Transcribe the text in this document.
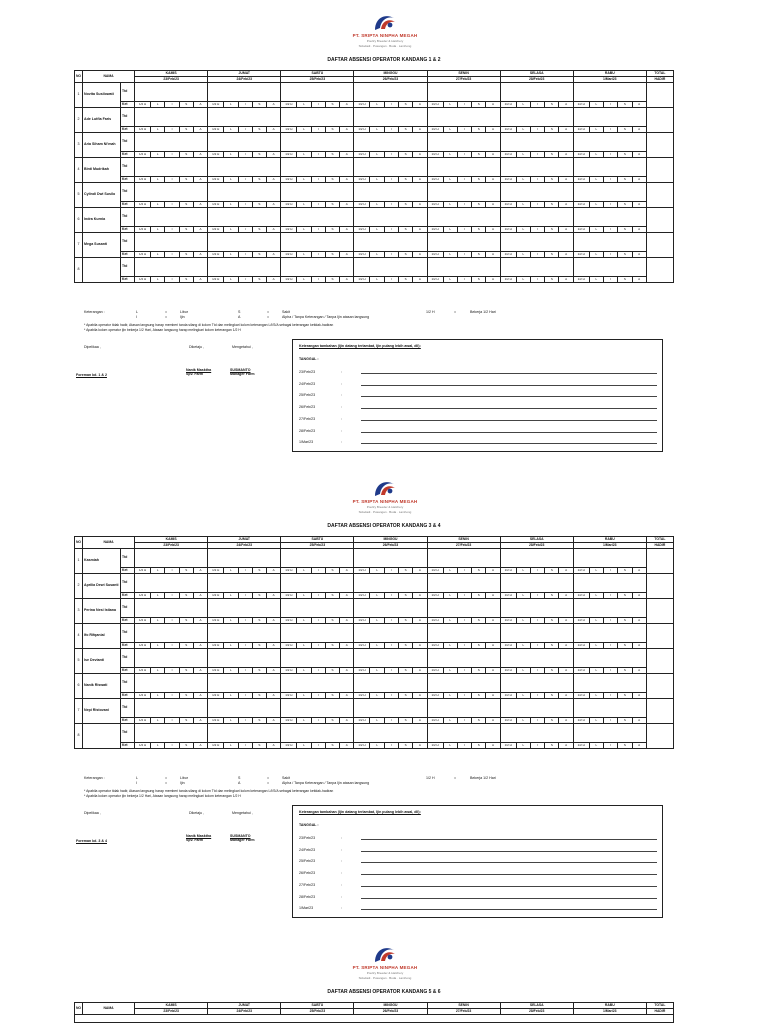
PT. SRIPTA NINPHA MEGAH
Poultry Breeder & Hatchery
Sidodadi · Pusangan · Buda · Lamhong
DAFTAR ABSENSI OPERATOR KANDANG 1 & 2
NO	NAMA		KAMIS					JUMAT					SABTU					MINGGU					SENIN					SELASA					RABU					TOTAL
			23/Feb/23					24/Feb/23					25/Feb/23					26/Feb/23					27/Feb/23					28/Feb/23					1/Mar/23					HADIR
1	Novita Susilowati	Ttd																																				
		Ket	1/2 H	L	I	S	A	1/2 H	L	I	S	A	1/2 H	L	I	S	A	1/2 H	L	I	S	A	1/2 H	L	I	S	A	1/2 H	L	I	S	A	1/2 H	L	I	S	A	
2	Ade Lutfia Faris	Ttd																																				
		Ket	1/2 H	L	I	S	A	1/2 H	L	I	S	A	1/2 H	L	I	S	A	1/2 H	L	I	S	A	1/2 H	L	I	S	A	1/2 H	L	I	S	A	1/2 H	L	I	S	A	
3	Aria Siham Ni'mah	Ttd																																				
		Ket	1/2 H	L	I	S	A	1/2 H	L	I	S	A	1/2 H	L	I	S	A	1/2 H	L	I	S	A	1/2 H	L	I	S	A	1/2 H	L	I	S	A	1/2 H	L	I	S	A	
4	Binti Mudrikah	Ttd																																				
		Ket	1/2 H	L	I	S	A	1/2 H	L	I	S	A	1/2 H	L	I	S	A	1/2 H	L	I	S	A	1/2 H	L	I	S	A	1/2 H	L	I	S	A	1/2 H	L	I	S	A	
5	Cylindi Dwi Susilo	Ttd																																				
		Ket	1/2 H	L	I	S	A	1/2 H	L	I	S	A	1/2 H	L	I	S	A	1/2 H	L	I	S	A	1/2 H	L	I	S	A	1/2 H	L	I	S	A	1/2 H	L	I	S	A	
6	Indra Kurnia	Ttd																																				
		Ket	1/2 H	L	I	S	A	1/2 H	L	I	S	A	1/2 H	L	I	S	A	1/2 H	L	I	S	A	1/2 H	L	I	S	A	1/2 H	L	I	S	A	1/2 H	L	I	S	A	
7	Mega Susanti	Ttd																																				
		Ket	1/2 H	L	I	S	A	1/2 H	L	I	S	A	1/2 H	L	I	S	A	1/2 H	L	I	S	A	1/2 H	L	I	S	A	1/2 H	L	I	S	A	1/2 H	L	I	S	A	
8		Ttd																																				
		Ket	1/2 H	L	I	S	A	1/2 H	L	I	S	A	1/2 H	L	I	S	A	1/2 H	L	I	S	A	1/2 H	L	I	S	A	1/2 H	L	I	S	A	1/2 H	L	I	S	A	
Keterangan :	L	=	Libur
I	=	Ijin
S	=	Sakit
A	=	Alpha / Tanpa Keterangan / Tanpa Ijin atasan langsung
1/2 H	=	Bekerja 1/2 Hari
* Apabila operator tidak hadir, Atasan langsung harap memberi tanda silang di kolom Ttd dan melingkari kolom keterangan L/I/S/A sebagai keterangan ketidak-hadiran
* Apabila kolom operator ijin bekerja 1/2 Hari, Atasan langsung harap melingkari kolom keterangan 1/2 H
Dipelikaa ,	Diketaju ,	Mengetahui ,
Nanik Masktha
Spv. Farm
SUSMANTO
Manager Farm
Foreman kd. 1 & 2
Keterangan tambahan (Ijin datang terlambat, Ijin pulang lebih awal, dll):
TANGGAL :
23/Feb/23	:
24/Feb/23	:
25/Feb/23	:
26/Feb/23	:
27/Feb/23	:
28/Feb/23	:
1/Mar/23	:
PT. SRIPTA NINPHA MEGAH
Poultry Breeder & Hatchery
Sidodadi · Pusangan · Buda · Lamhong
DAFTAR ABSENSI OPERATOR KANDANG 3 & 4
NO	NAMA		KAMIS					JUMAT					SABTU					MINGGU					SENIN					SELASA					RABU					TOTAL
			23/Feb/23					24/Feb/23					25/Feb/23					26/Feb/23					27/Feb/23					28/Feb/23					1/Mar/23					HADIR
1	Kasmiah	Ttd																																				
		Ket	1/2 H	L	I	S	A	1/2 H	L	I	S	A	1/2 H	L	I	S	A	1/2 H	L	I	S	A	1/2 H	L	I	S	A	1/2 H	L	I	S	A	1/2 H	L	I	S	A	
2	Aprilia Dewi Susanti	Ttd																																				
		Ket	1/2 H	L	I	S	A	1/2 H	L	I	S	A	1/2 H	L	I	S	A	1/2 H	L	I	S	A	1/2 H	L	I	S	A	1/2 H	L	I	S	A	1/2 H	L	I	S	A	
3	Perina Nesi Istiana	Ttd																																				
		Ket	1/2 H	L	I	S	A	1/2 H	L	I	S	A	1/2 H	L	I	S	A	1/2 H	L	I	S	A	1/2 H	L	I	S	A	1/2 H	L	I	S	A	1/2 H	L	I	S	A	
4	Ifo Rifqanial	Ttd																																				
		Ket	1/2 H	L	I	S	A	1/2 H	L	I	S	A	1/2 H	L	I	S	A	1/2 H	L	I	S	A	1/2 H	L	I	S	A	1/2 H	L	I	S	A	1/2 H	L	I	S	A	
5	Ise Devianti	Ttd																																				
		Ket	1/2 H	L	I	S	A	1/2 H	L	I	S	A	1/2 H	L	I	S	A	1/2 H	L	I	S	A	1/2 H	L	I	S	A	1/2 H	L	I	S	A	1/2 H	L	I	S	A	
6	Nanik Riswati	Ttd																																				
		Ket	1/2 H	L	I	S	A	1/2 H	L	I	S	A	1/2 H	L	I	S	A	1/2 H	L	I	S	A	1/2 H	L	I	S	A	1/2 H	L	I	S	A	1/2 H	L	I	S	A	
7	Nepi Ristovani	Ttd																																				
		Ket	1/2 H	L	I	S	A	1/2 H	L	I	S	A	1/2 H	L	I	S	A	1/2 H	L	I	S	A	1/2 H	L	I	S	A	1/2 H	L	I	S	A	1/2 H	L	I	S	A	
8		Ttd																																				
		Ket	1/2 H	L	I	S	A	1/2 H	L	I	S	A	1/2 H	L	I	S	A	1/2 H	L	I	S	A	1/2 H	L	I	S	A	1/2 H	L	I	S	A	1/2 H	L	I	S	A	
Keterangan :	L	=	Libur
I	=	Ijin
S	=	Sakit
A	=	Alpha / Tanpa Keterangan / Tanpa Ijin atasan langsung
1/2 H	=	Bekerja 1/2 Hari
* Apabila operator tidak hadir, Atasan langsung harap memberi tanda silang di kolom Ttd dan melingkari kolom keterangan L/I/S/A sebagai keterangan ketidak-hadiran
* Apabila kolom operator ijin bekerja 1/2 Hari, Atasan langsung harap melingkari kolom keterangan 1/2 H
Dipelikaa ,	Diketaju ,	Mengetahui ,
Nanik Masktha
Spv. Farm
SUSMANTO
Manager Farm
Foreman kd. 3 & 4
Keterangan tambahan (Ijin datang terlambat, Ijin pulang lebih awal, dll):
TANGGAL :
23/Feb/23	:
24/Feb/23	:
25/Feb/23	:
26/Feb/23	:
27/Feb/23	:
28/Feb/23	:
1/Mar/23	:
PT. SRIPTA NINPHA MEGAH
Poultry Breeder & Hatchery
Sidodadi · Pusangan · Buda · Lamhong
DAFTAR ABSENSI OPERATOR KANDANG 5 & 6
NO	NAMA	KAMIS	JUMAT	SABTU	MINGGU	SENIN	SELASA	RABU	TOTAL
		23/Feb/23	24/Feb/23	25/Feb/23	26/Feb/23	27/Feb/23	28/Feb/23	1/Mar/23	HADIR
